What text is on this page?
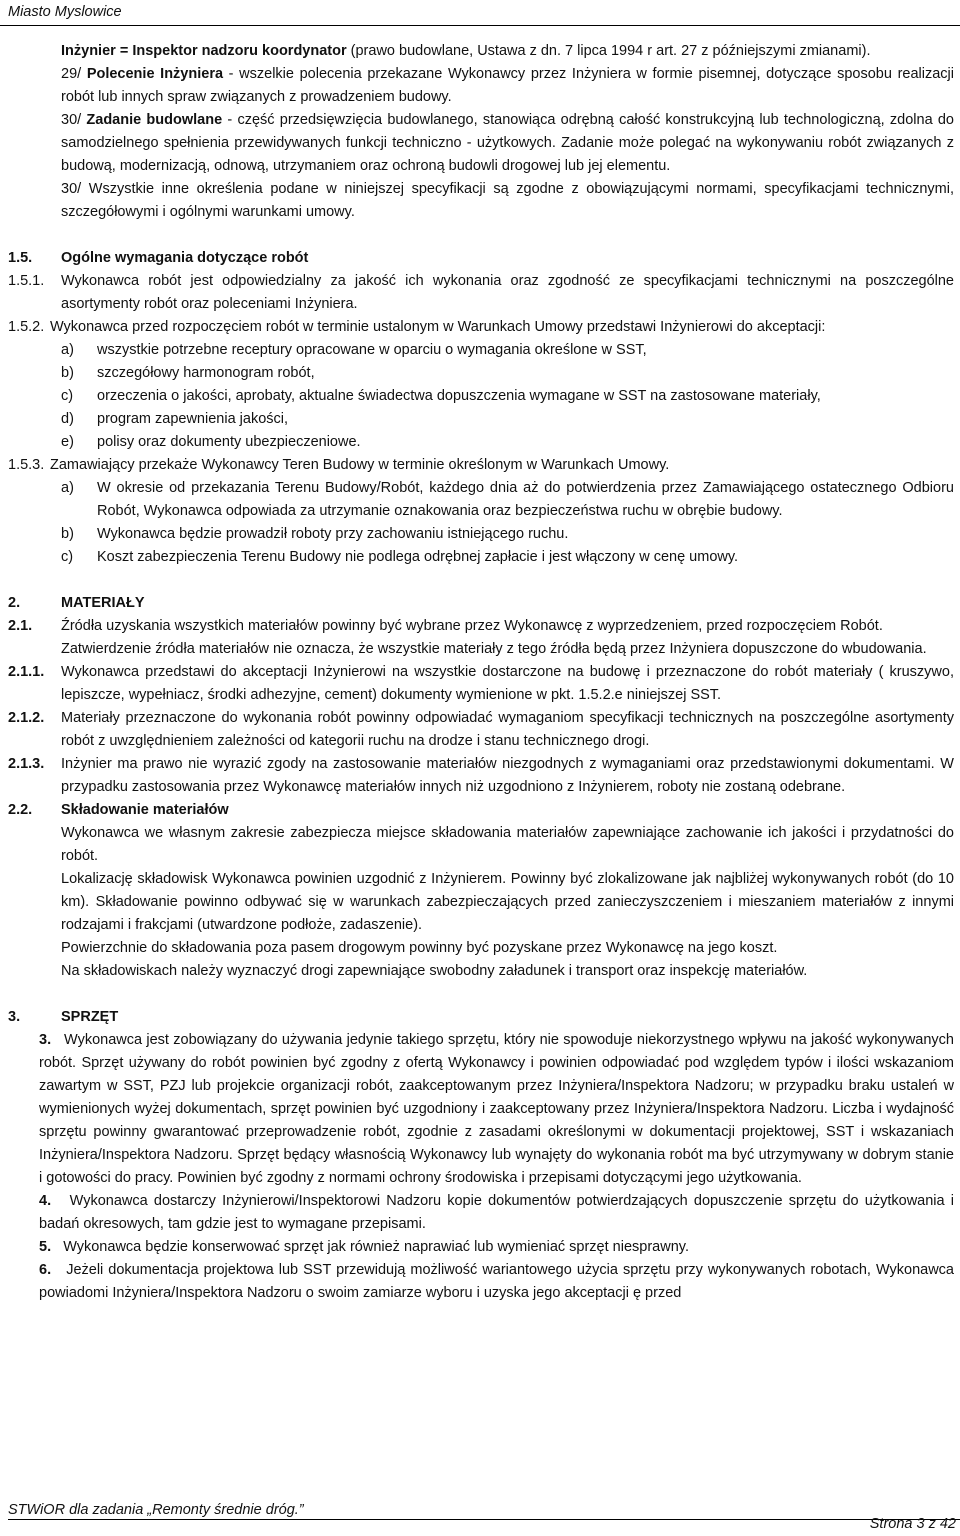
Miasto Myslowice

Inżynier = Inspektor nadzoru koordynator (prawo budowlane, Ustawa z dn. 7 lipca 1994 r art. 27 z późniejszymi zmianami).

29/ Polecenie Inżyniera - wszelkie polecenia przekazane Wykonawcy przez Inżyniera w formie pisemnej, dotyczące sposobu realizacji robót lub innych spraw związanych z prowadzeniem budowy.

30/ Zadanie budowlane - część przedsięwzięcia budowlanego, stanowiąca odrębną całość konstrukcyjną lub technologiczną, zdolna do samodzielnego spełnienia przewidywanych funkcji techniczno - użytkowych. Zadanie może polegać na wykonywaniu robót związanych z budową, modernizacją, odnową, utrzymaniem oraz ochroną budowli drogowej lub jej elementu.

30/ Wszystkie inne określenia podane w niniejszej specyfikacji są zgodne z obowiązującymi normami, specyfikacjami technicznymi, szczegółowymi i ogólnymi warunkami umowy.

1.5.	Ogólne wymagania dotyczące robót
1.5.1.	Wykonawca robót jest odpowiedzialny za jakość ich wykonania oraz zgodność ze specyfikacjami technicznymi na poszczególne asortymenty robót oraz poleceniami Inżyniera.
1.5.2. Wykonawca przed rozpoczęciem robót w terminie ustalonym w Warunkach Umowy przedstawi Inżynierowi do akceptacji:
a)	wszystkie potrzebne receptury opracowane w oparciu o wymagania określone w SST,
b)	szczegółowy harmonogram robót,
c)	orzeczenia o jakości, aprobaty, aktualne świadectwa dopuszczenia wymagane w SST na zastosowane materiały,
d)	program zapewnienia jakości,
e)	polisy oraz dokumenty ubezpieczeniowe.
1.5.3. Zamawiający przekaże Wykonawcy Teren Budowy w terminie określonym w Warunkach Umowy.
a)	W okresie od przekazania Terenu Budowy/Robót, każdego dnia aż do potwierdzenia przez Zamawiającego ostatecznego Odbioru Robót, Wykonawca odpowiada za utrzymanie oznakowania oraz bezpieczeństwa ruchu w obrębie budowy.
b)	Wykonawca będzie prowadził roboty przy zachowaniu istniejącego ruchu.
c)	Koszt zabezpieczenia Terenu Budowy nie podlega odrębnej zapłacie i jest włączony w cenę umowy.
2.	MATERIAŁY
2.1.	Źródła uzyskania wszystkich materiałów powinny być wybrane przez Wykonawcę z wyprzedzeniem, przed rozpoczęciem Robót.
Zatwierdzenie źródła materiałów nie oznacza, że wszystkie materiały z tego źródła będą przez Inżyniera dopuszczone do wbudowania.
2.1.1.	Wykonawca przedstawi do akceptacji Inżynierowi na wszystkie dostarczone na budowę i przeznaczone do robót materiały ( kruszywo, lepiszcze, wypełniacz, środki adhezyjne, cement) dokumenty wymienione w pkt. 1.5.2.e niniejszej SST.
2.1.2.	Materiały przeznaczone do wykonania robót powinny odpowiadać wymaganiom specyfikacji technicznych na poszczególne asortymenty robót z uwzględnieniem zależności od kategorii ruchu na drodze i stanu technicznego drogi.
2.1.3.	Inżynier ma prawo nie wyrazić zgody na zastosowanie materiałów niezgodnych z wymaganiami oraz przedstawionymi dokumentami. W przypadku zastosowania przez Wykonawcę materiałów innych niż uzgodniono z Inżynierem, roboty nie zostaną odebrane.
2.2.	Składowanie materiałów

Wykonawca we własnym zakresie zabezpiecza miejsce składowania materiałów zapewniające zachowanie ich jakości i przydatności do robót.

Lokalizację składowisk Wykonawca powinien uzgodnić z Inżynierem. Powinny być zlokalizowane jak najbliżej wykonywanych robót (do 10 km). Składowanie powinno odbywać się w warunkach zabezpieczających przed zanieczyszczeniem i mieszaniem materiałów z innymi rodzajami i frakcjami (utwardzone podłoże, zadaszenie).

Powierzchnie do składowania poza pasem drogowym powinny być pozyskane przez Wykonawcę na jego koszt.

Na składowiskach należy wyznaczyć drogi zapewniające swobodny załadunek i transport oraz inspekcję materiałów.

3.	SPRZĘT

3. Wykonawca jest zobowiązany do używania jedynie takiego sprzętu, który nie spowoduje niekorzystnego wpływu na jakość wykonywanych robót. Sprzęt używany do robót powinien być zgodny z ofertą Wykonawcy i powinien odpowiadać pod względem typów i ilości wskazaniom zawartym w SST, PZJ lub projekcie organizacji robót, zaakceptowanym przez Inżyniera/Inspektora Nadzoru; w przypadku braku ustaleń w wymienionych wyżej dokumentach, sprzęt powinien być uzgodniony i zaakceptowany przez Inżyniera/Inspektora Nadzoru. Liczba i wydajność sprzętu powinny gwarantować przeprowadzenie robót, zgodnie z zasadami określonymi w dokumentacji projektowej, SST i wskazaniach Inżyniera/Inspektora Nadzoru. Sprzęt będący własnością Wykonawcy lub wynajęty do wykonania robót ma być utrzymywany w dobrym stanie i gotowości do pracy. Powinien być zgodny z normami ochrony środowiska i przepisami dotyczącymi jego użytkowania.

4. Wykonawca dostarczy Inżynierowi/Inspektorowi Nadzoru kopie dokumentów potwierdzających dopuszczenie sprzętu do użytkowania i badań okresowych, tam gdzie jest to wymagane przepisami.

5. Wykonawca będzie konserwować sprzęt jak również naprawiać lub wymieniać sprzęt niesprawny.

6. Jeżeli dokumentacja projektowa lub SST przewidują możliwość wariantowego użycia sprzętu przy wykonywanych robotach, Wykonawca powiadomi Inżyniera/Inspektora Nadzoru o swoim zamiarze wyboru i uzyska jego akceptacji ę przed

STWiOR dla zadania „Remonty średnie dróg.”
Strona 3 z 42
